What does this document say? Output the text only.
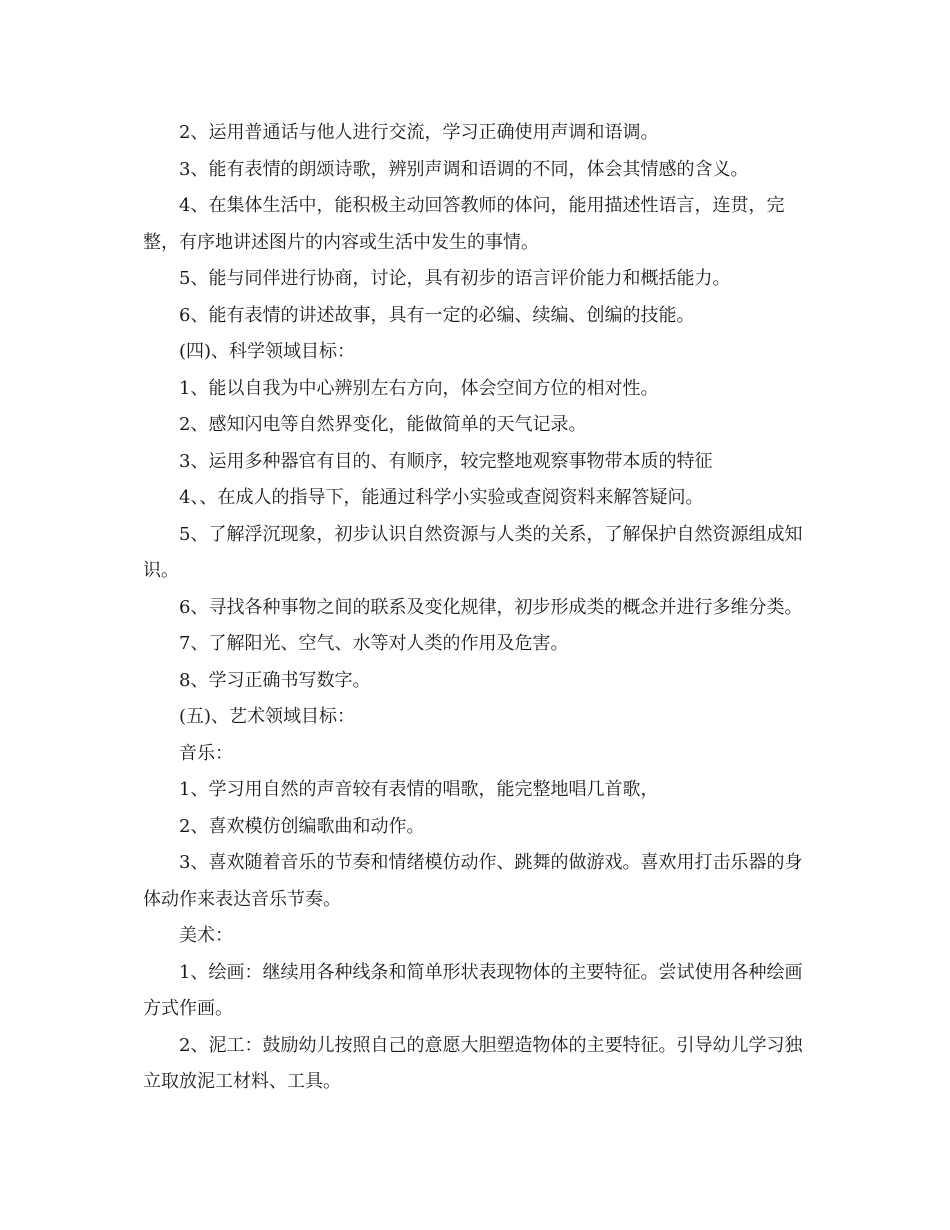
2、运用普通话与他人进行交流，学习正确使用声调和语调。

3、能有表情的朗颂诗歌，辨别声调和语调的不同，体会其情感的含义。

4、在集体生活中，能积极主动回答教师的体问，能用描述性语言，连贯，完整，有序地讲述图片的内容或生活中发生的事情。

5、能与同伴进行协商，讨论，具有初步的语言评价能力和概括能力。

6、能有表情的讲述故事，具有一定的必编、续编、创编的技能。

(四)、科学领域目标：

1、能以自我为中心辨别左右方向，体会空间方位的相对性。

2、感知闪电等自然界变化，能做简单的天气记录。

3、运用多种器官有目的、有顺序，较完整地观察事物带本质的特征

4、、在成人的指导下，能通过科学小实验或查阅资料来解答疑问。

5、了解浮沉现象，初步认识自然资源与人类的关系，了解保护自然资源组成知识。

6、寻找各种事物之间的联系及变化规律，初步形成类的概念并进行多维分类。

7、了解阳光、空气、水等对人类的作用及危害。

8、学习正确书写数字。

(五)、艺术领域目标：

音乐：

1、学习用自然的声音较有表情的唱歌，能完整地唱几首歌，

2、喜欢模仿创编歌曲和动作。

3、喜欢随着音乐的节奏和情绪模仿动作、跳舞的做游戏。喜欢用打击乐器的身体动作来表达音乐节奏。

美术：

1、绘画：继续用各种线条和简单形状表现物体的主要特征。尝试使用各种绘画方式作画。

2、泥工：鼓励幼儿按照自己的意愿大胆塑造物体的主要特征。引导幼儿学习独立取放泥工材料、工具。
